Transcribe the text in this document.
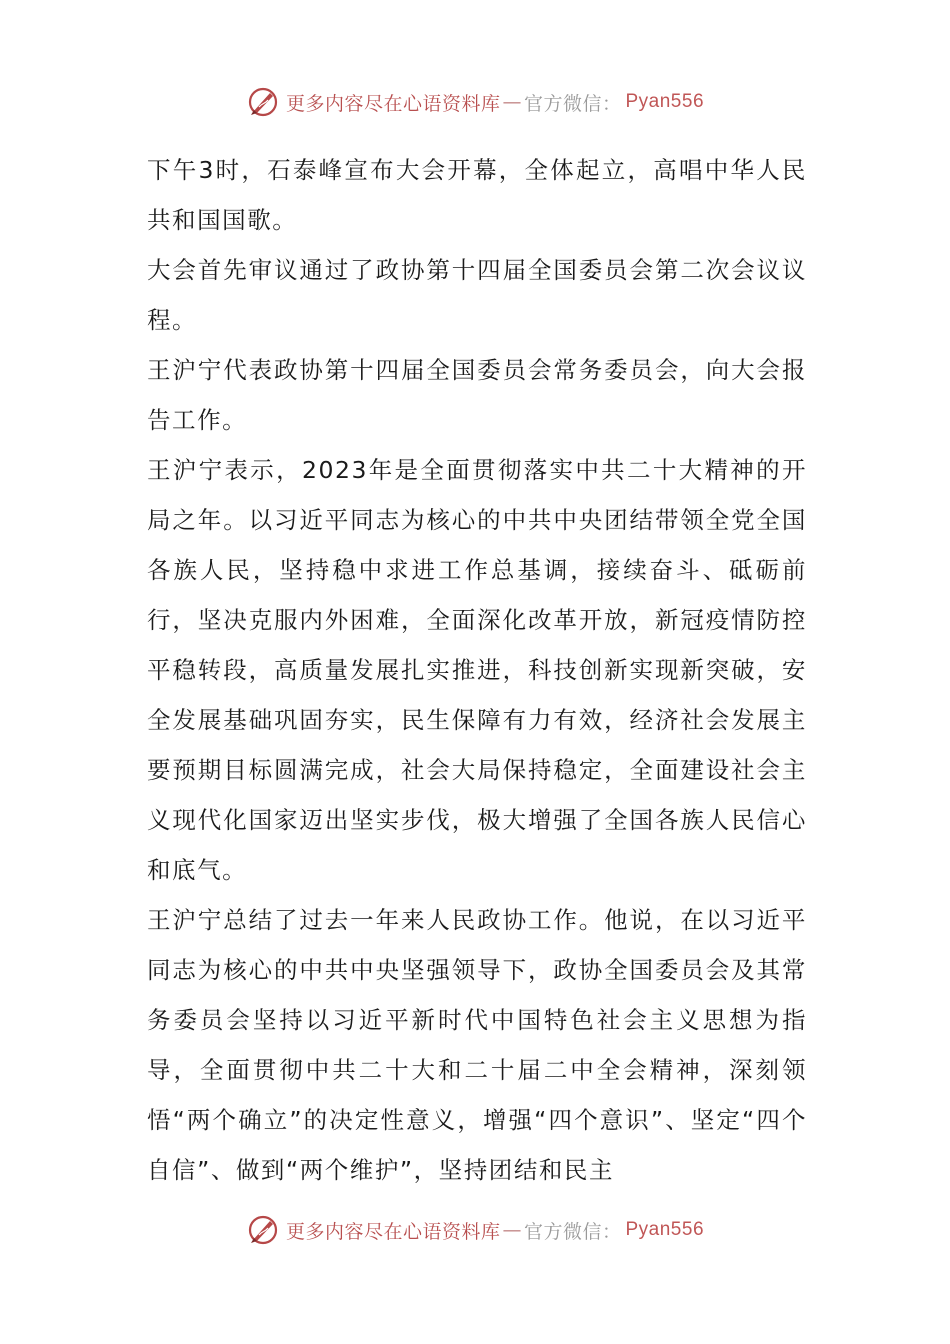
更多内容尽在心语资料库 — 官方微信： Pyan556

下午3时，石泰峰宣布大会开幕，全体起立，高唱中华人民共和国国歌。

大会首先审议通过了政协第十四届全国委员会第二次会议议程。

王沪宁代表政协第十四届全国委员会常务委员会，向大会报告工作。

王沪宁表示，2023年是全面贯彻落实中共二十大精神的开局之年。以习近平同志为核心的中共中央团结带领全党全国各族人民，坚持稳中求进工作总基调，接续奋斗、砥砺前行，坚决克服内外困难，全面深化改革开放，新冠疫情防控平稳转段，高质量发展扎实推进，科技创新实现新突破，安全发展基础巩固夯实，民生保障有力有效，经济社会发展主要预期目标圆满完成，社会大局保持稳定，全面建设社会主义现代化国家迈出坚实步伐，极大增强了全国各族人民信心和底气。

王沪宁总结了过去一年来人民政协工作。他说，在以习近平同志为核心的中共中央坚强领导下，政协全国委员会及其常务委员会坚持以习近平新时代中国特色社会主义思想为指导，全面贯彻中共二十大和二十届二中全会精神，深刻领悟“两个确立”的决定性意义，增强“四个意识”、坚定“四个自信”、做到“两个维护”，坚持团结和民主

更多内容尽在心语资料库 — 官方微信： Pyan556
